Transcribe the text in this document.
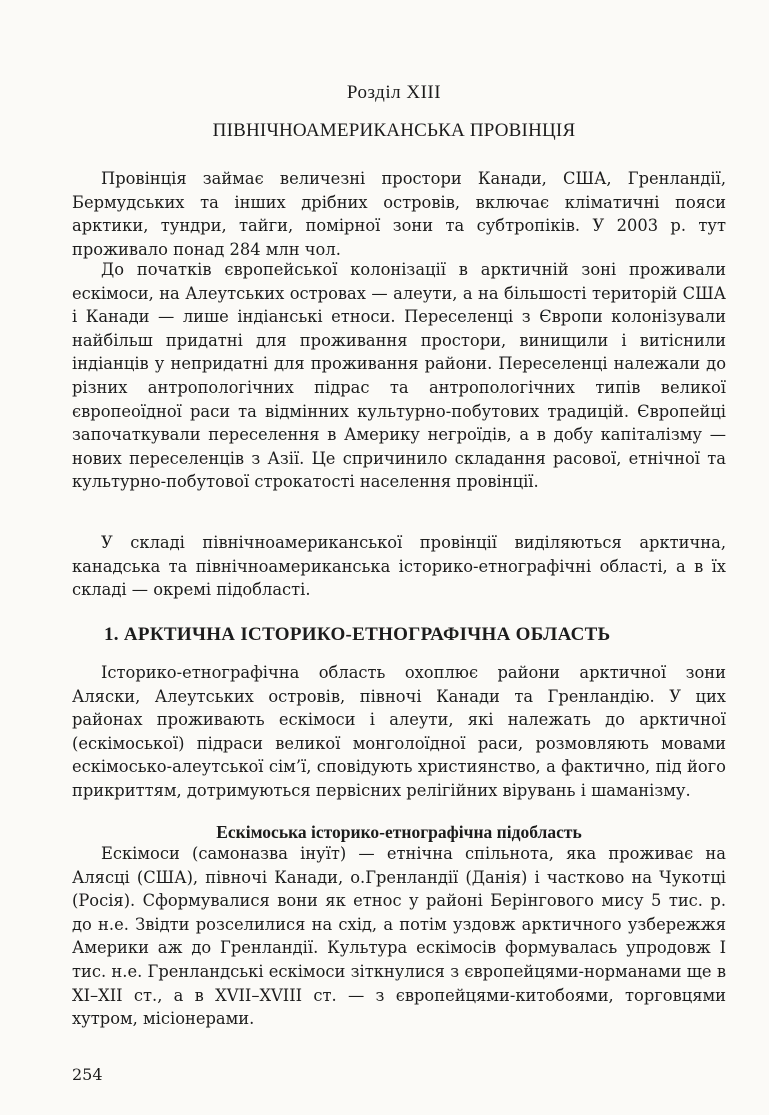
Розділ XIII
ПІВНІЧНОАМЕРИКАНСЬКА ПРОВІНЦІЯ

Провінція займає величезні простори Канади, США, Гренландії, Бермудських та інших дрібних островів, включає кліматичні пояси арктики, тундри, тайги, помірної зони та субтропіків. У 2003 р. тут проживало понад 284 млн чол.

До початків європейської колонізації в арктичній зоні проживали ескімоси, на Алеутських островах — алеути, а на більшості територій США і Канади — лише індіанські етноси. Переселенці з Європи колонізували найбільш придатні для проживання простори, винищили і витіснили індіанців у непридатні для проживання райони. Переселенці належали до різних антропологічних підрас та антропологічних типів великої європеоїдної раси та відмінних культурно-побутових традицій. Європейці започаткували переселення в Америку негроїдів, а в добу капіталізму — нових переселенців з Азії. Це спричинило складання расової, етнічної та культурно-побутової строкатості населення провінції.

У складі північноамериканської провінції виділяються арктична, канадська та північноамериканська історико-етнографічні області, а в їх складі — окремі підобласті.

1. АРКТИЧНА ІСТОРИКО-ЕТНОГРАФІЧНА ОБЛАСТЬ

Історико-етнографічна область охоплює райони арктичної зони Аляски, Алеутських островів, півночі Канади та Гренландію. У цих районах проживають ескімоси і алеути, які належать до арктичної (ескімоської) підраси великої монголоїдної раси, розмовляють мовами ескімосько-алеутської сім’ї, сповідують християнство, а фактично, під його прикриттям, дотримуються первісних релігійних вірувань і шаманізму.

Ескімоська історико-етнографічна підобласть

Ескімоси (самоназва інуїт) — етнічна спільнота, яка проживає на Алясці (США), півночі Канади, о.Гренландії (Данія) і частково на Чукотці (Росія). Сформувалися вони як етнос у районі Берінгового мису 5 тис. р. до н.е. Звідти розселилися на схід, а потім уздовж арктичного узбережжя Америки аж до Гренландії. Культура ескімосів формувалась упродовж І тис. н.е. Гренландські ескімоси зіткнулися з європейцями-норманами ще в XI–XII ст., а в XVII–XVIII ст. — з європейцями-китобоями, торговцями хутром, місіонерами.

254
